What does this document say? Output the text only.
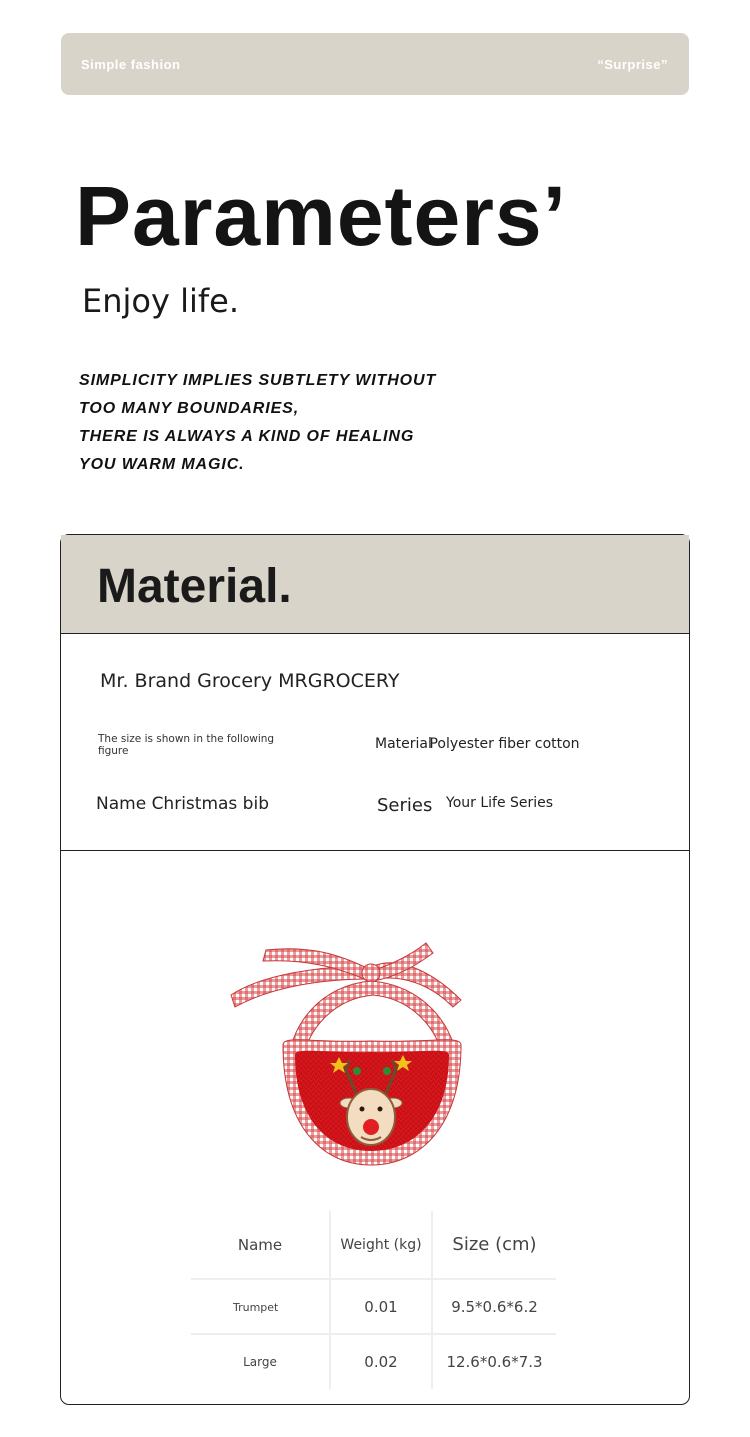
Simple fashion	“Surprise”
Parameters’
Enjoy life.
SIMPLICITY IMPLIES SUBTLETY WITHOUT
TOO MANY BOUNDARIES,
THERE IS ALWAYS A KIND OF HEALING
YOU WARM MAGIC.
Material.
Mr. Brand Grocery MRGROCERY
The size is shown in the following figure	Material Polyester fiber cotton
Name Christmas bib	Series Your Life Series
Name	Weight (kg)	Size (cm)
Trumpet	0.01	9.5*0.6*6.2
Large	0.02	12.6*0.6*7.3
